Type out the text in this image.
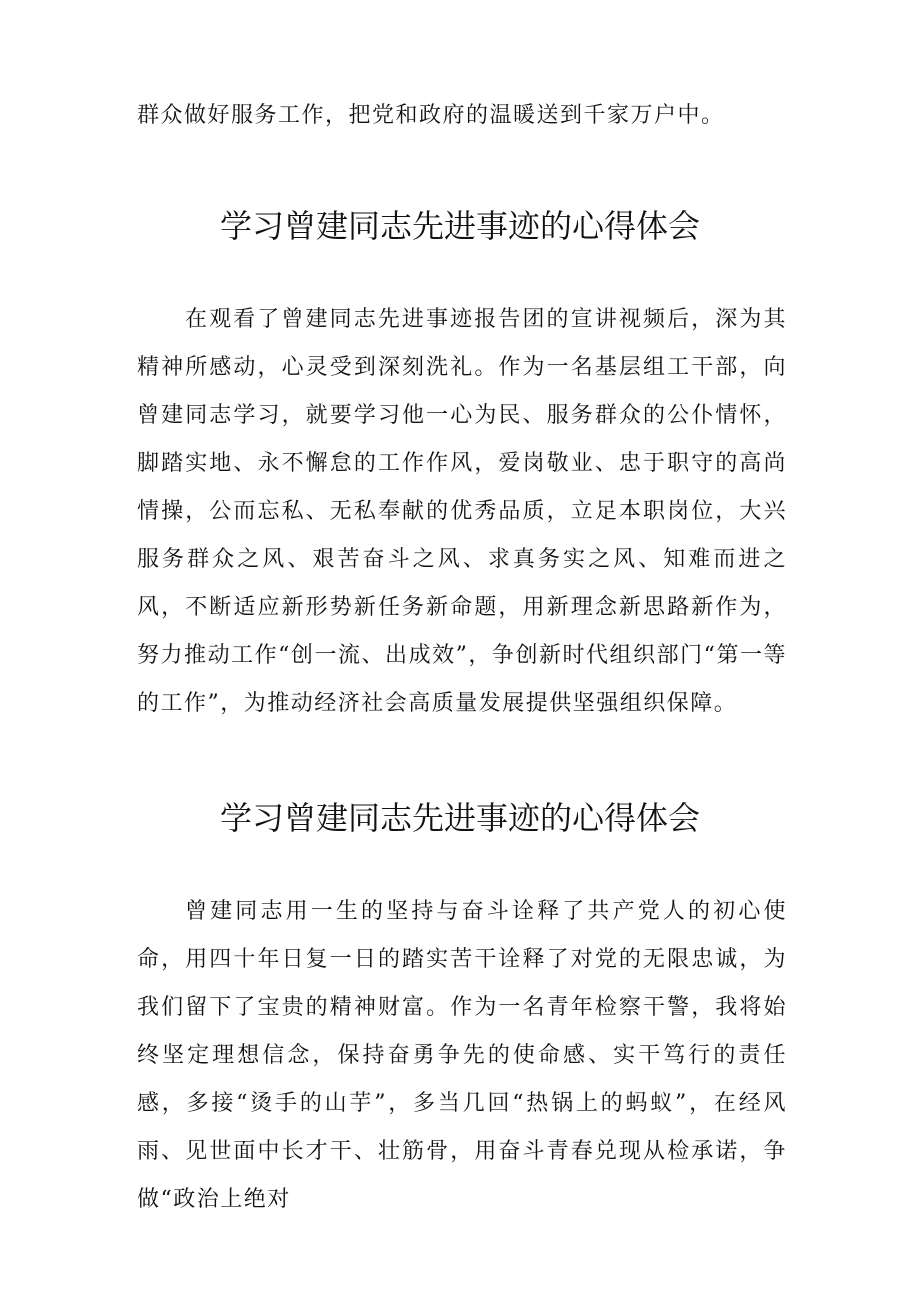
群众做好服务工作，把党和政府的温暖送到千家万户中。

学习曾建同志先进事迹的心得体会

在观看了曾建同志先进事迹报告团的宣讲视频后，深为其精神所感动，心灵受到深刻洗礼。作为一名基层组工干部，向曾建同志学习，就要学习他一心为民、服务群众的公仆情怀，脚踏实地、永不懈怠的工作作风，爱岗敬业、忠于职守的高尚情操，公而忘私、无私奉献的优秀品质，立足本职岗位，大兴服务群众之风、艰苦奋斗之风、求真务实之风、知难而进之风，不断适应新形势新任务新命题，用新理念新思路新作为，努力推动工作“创一流、出成效”，争创新时代组织部门“第一等的工作”，为推动经济社会高质量发展提供坚强组织保障。

学习曾建同志先进事迹的心得体会

曾建同志用一生的坚持与奋斗诠释了共产党人的初心使命，用四十年日复一日的踏实苦干诠释了对党的无限忠诚，为我们留下了宝贵的精神财富。作为一名青年检察干警，我将始终坚定理想信念，保持奋勇争先的使命感、实干笃行的责任感，多接“烫手的山芋”，多当几回“热锅上的蚂蚁”，在经风雨、见世面中长才干、壮筋骨，用奋斗青春兑现从检承诺，争做“政治上绝对
